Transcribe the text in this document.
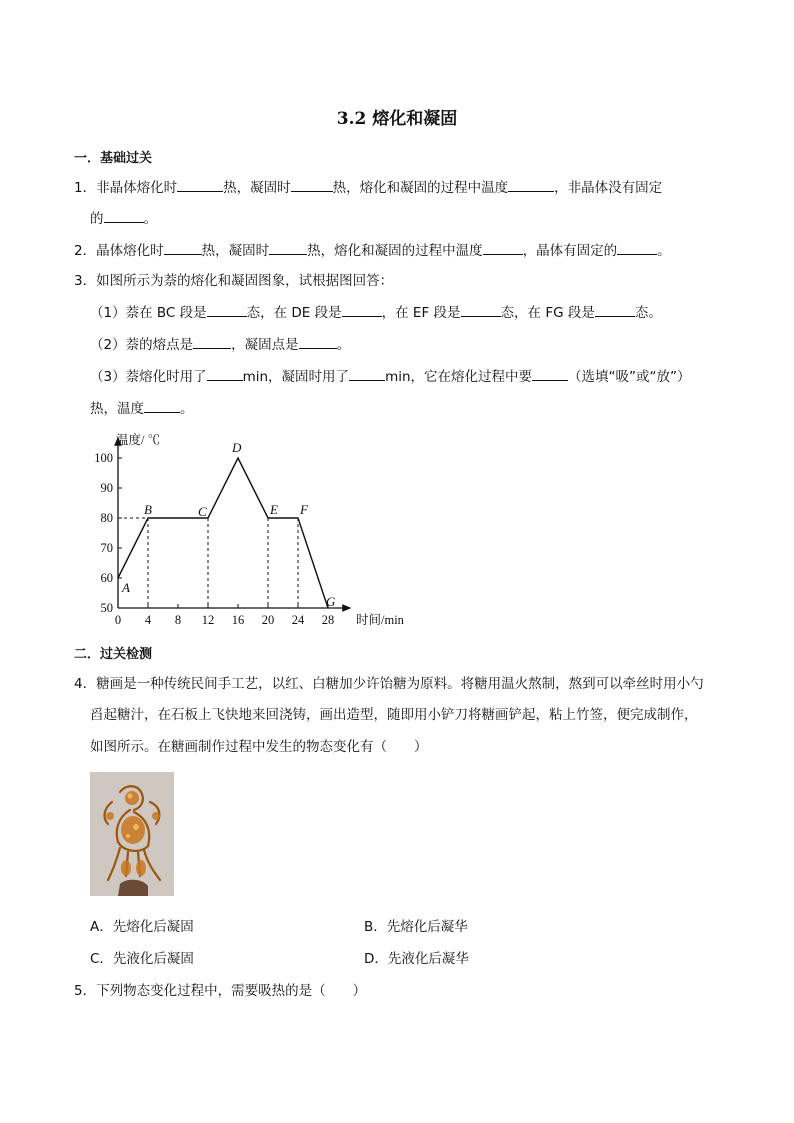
3.2 熔化和凝固
一．基础过关
1．非晶体熔化时	热，凝固时	热，熔化和凝固的过程中温度	，非晶体没有固定
的	。
2．晶体熔化时	热，凝固时	热，熔化和凝固的过程中温度	，晶体有固定的	。
3．如图所示为萘的熔化和凝固图象，试根据图回答：
（1）萘在 BC 段是	态，在 DE 段是	，在 EF 段是	态，在 FG 段是	态。
（2）萘的熔点是	，凝固点是	。
（3）萘熔化时用了	min，凝固时用了	min，它在熔化过程中要	（选填“吸”或“放”）
热，温度	。
温度/ ℃
时间/min
0 4 8 12 16 20 24 28
50
60
70
80
90
100
A
B	C
D
E F
G
二．过关检测
4．糖画是一种传统民间手工艺，以红、白糖加少许饴糖为原料。将糖用温火熬制，熬到可以牵丝时用小勺
舀起糖汁，在石板上飞快地来回浇铸，画出造型，随即用小铲刀将糖画铲起，粘上竹签，便完成制作，
如图所示。在糖画制作过程中发生的物态变化有（　　）
A．先熔化后凝固	B．先熔化后凝华
C．先液化后凝固	D．先液化后凝华
5．下列物态变化过程中，需要吸热的是（　　）
